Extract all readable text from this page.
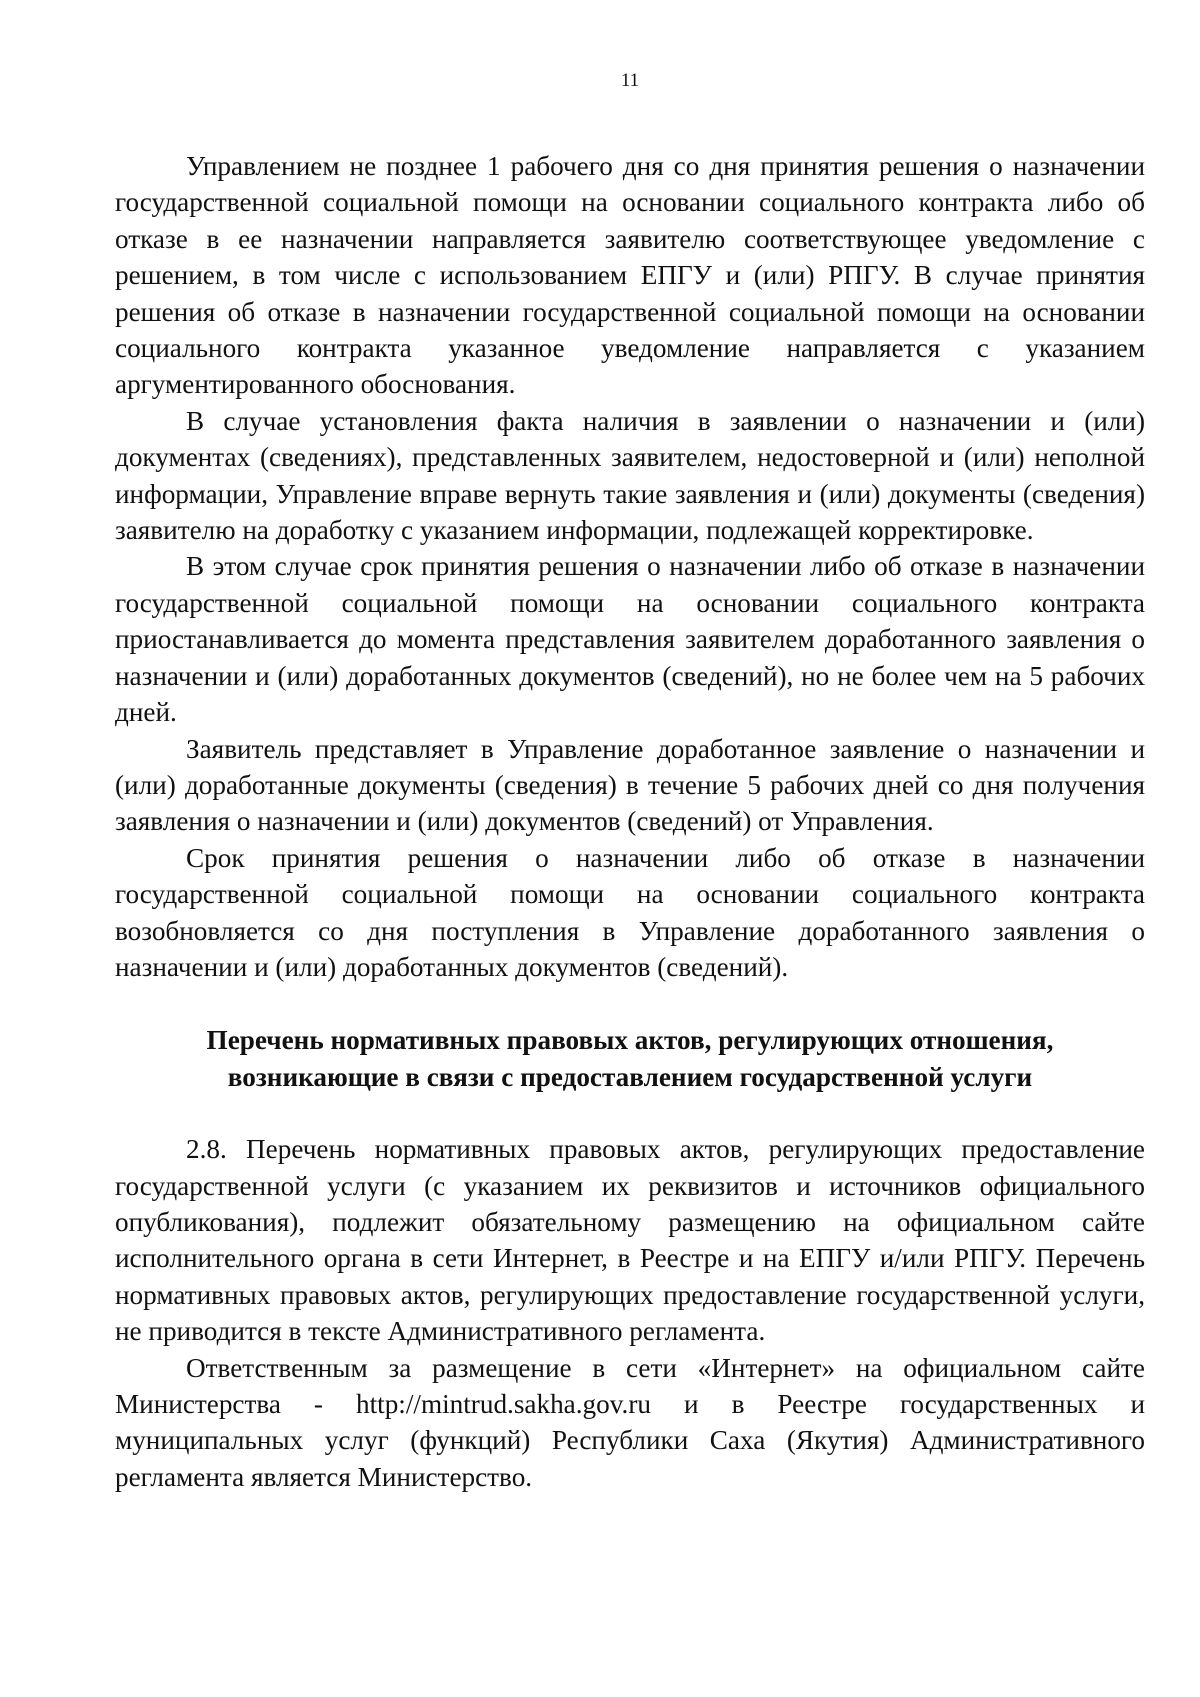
11

Управлением не позднее 1 рабочего дня со дня принятия решения о назначении государственной социальной помощи на основании социального контракта либо об отказе в ее назначении направляется заявителю соответствующее уведомление с решением, в том числе с использованием ЕПГУ и (или) РПГУ. В случае принятия решения об отказе в назначении государственной социальной помощи на основании социального контракта указанное уведомление направляется с указанием аргументированного обоснования.

В случае установления факта наличия в заявлении о назначении и (или) документах (сведениях), представленных заявителем, недостоверной и (или) неполной информации, Управление вправе вернуть такие заявления и (или) документы (сведения) заявителю на доработку с указанием информации, подлежащей корректировке.

В этом случае срок принятия решения о назначении либо об отказе в назначении государственной социальной помощи на основании социального контракта приостанавливается до момента представления заявителем доработанного заявления о назначении и (или) доработанных документов (сведений), но не более чем на 5 рабочих дней.

Заявитель представляет в Управление доработанное заявление о назначении и (или) доработанные документы (сведения) в течение 5 рабочих дней со дня получения заявления о назначении и (или) документов (сведений) от Управления.

Срок принятия решения о назначении либо об отказе в назначении государственной социальной помощи на основании социального контракта возобновляется со дня поступления в Управление доработанного заявления о назначении и (или) доработанных документов (сведений).

Перечень нормативных правовых актов, регулирующих отношения,
возникающие в связи с предоставлением государственной услуги

2.8. Перечень нормативных правовых актов, регулирующих предоставление государственной услуги (с указанием их реквизитов и источников официального опубликования), подлежит обязательному размещению на официальном сайте исполнительного органа в сети Интернет, в Реестре и на ЕПГУ и/или РПГУ. Перечень нормативных правовых актов, регулирующих предоставление государственной услуги, не приводится в тексте Административного регламента.

Ответственным за размещение в сети «Интернет» на официальном сайте Министерства - http://mintrud.sakha.gov.ru и в Реестре государственных и муниципальных услуг (функций) Республики Саха (Якутия) Административного регламента является Министерство.
